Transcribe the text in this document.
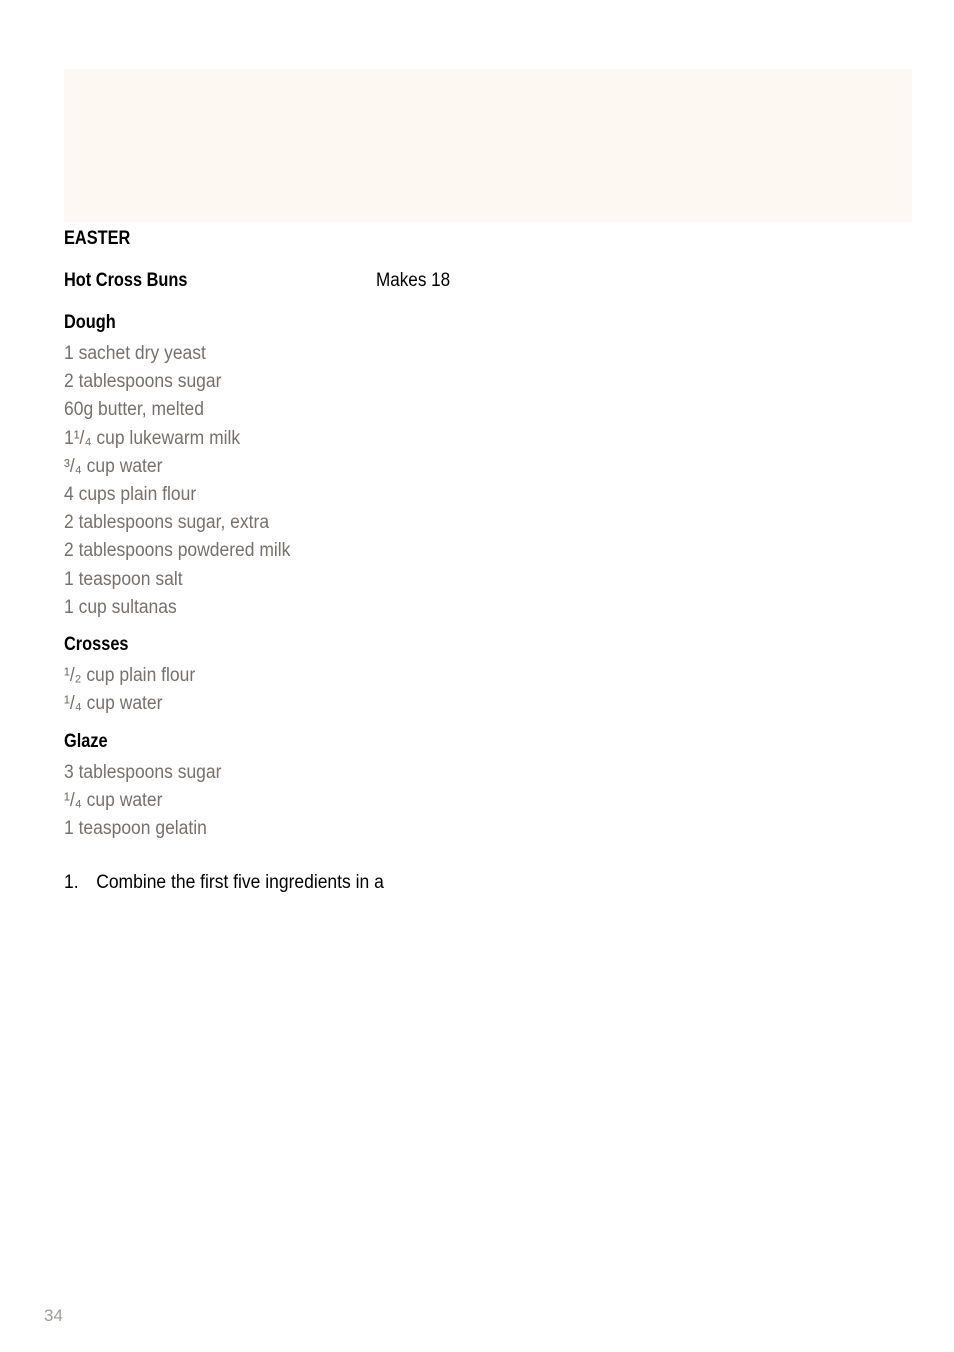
EASTER
Hot Cross Buns	Makes 18
Dough
1 sachet dry yeast
2 tablespoons sugar
60g butter, melted
1¹/₄ cup lukewarm milk
³/₄ cup water
4 cups plain flour
2 tablespoons sugar, extra
2 tablespoons powdered milk
1 teaspoon salt
1 cup sultanas
Crosses
¹/₂ cup plain flour
¹/₄ cup water
Glaze
3 tablespoons sugar
¹/₄ cup water
1 teaspoon gelatin
1. Combine the first five ingredients in a
34
